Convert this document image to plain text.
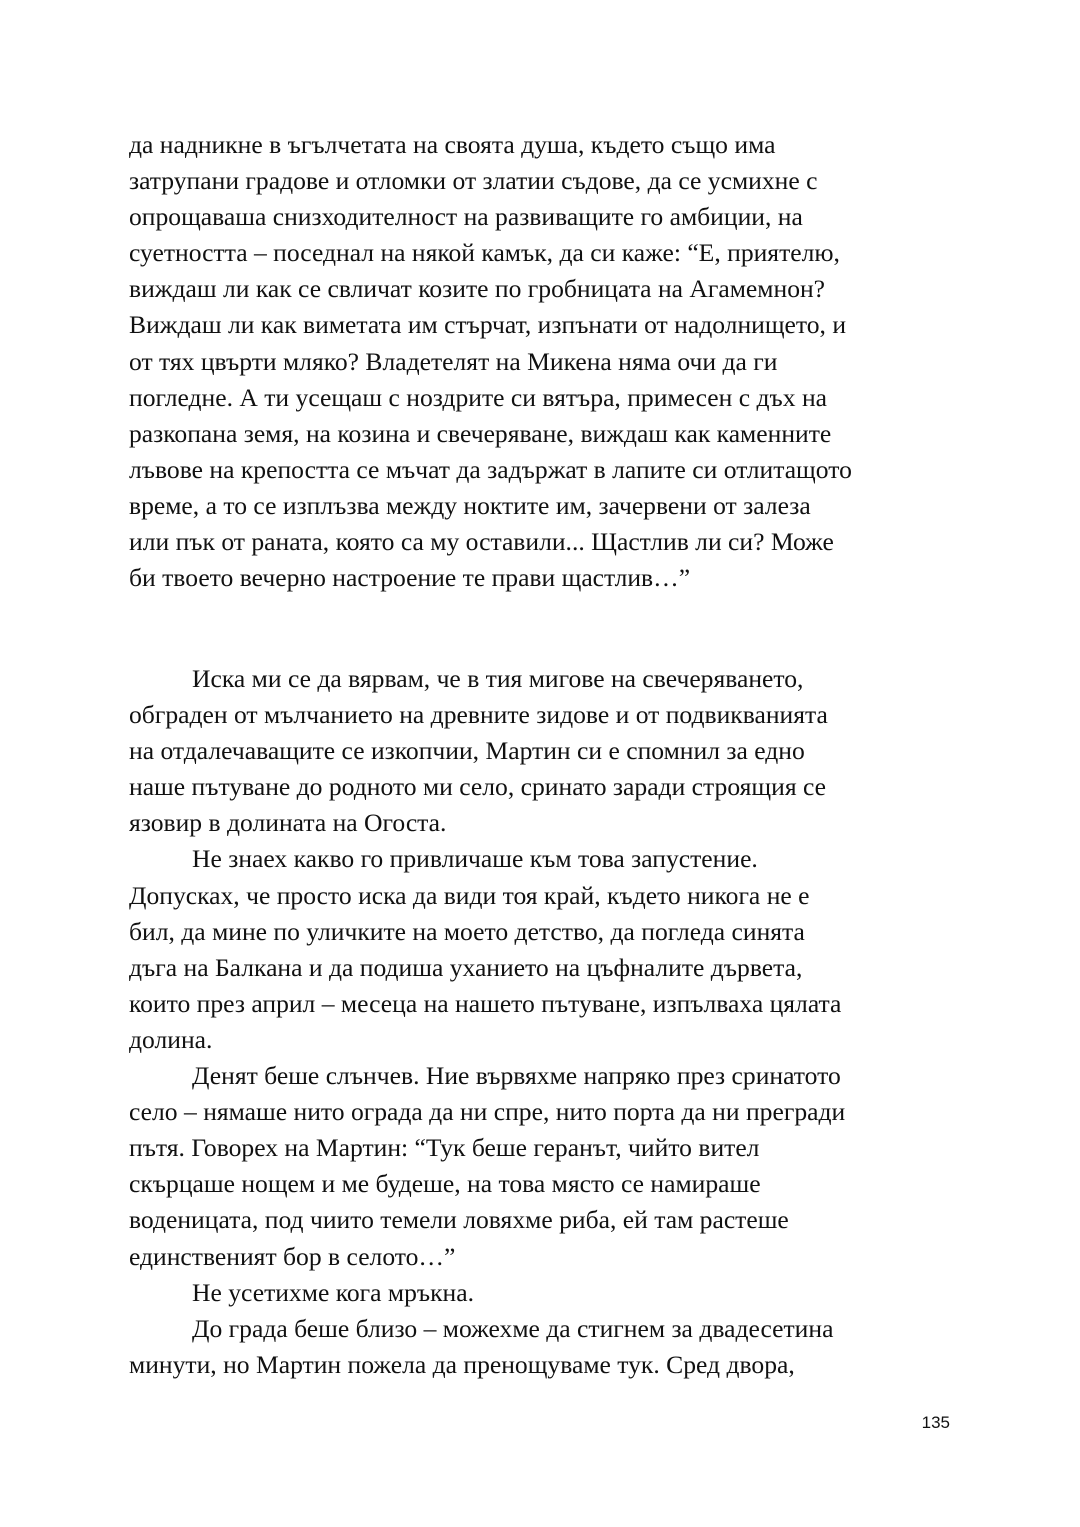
да надникне в ъгълчетата на своята душа, където също има
затрупани градове и отломки от златии съдове, да се усмихне с
опрощаваша снизходителност на развиващите го амбиции, на
суетността – поседнал на някой камък, да си каже: “Е, приятелю,
виждаш ли как се свличат козите по гробницата на Агамемнон?
Виждаш ли как виметата им стърчат, изпънати от надолнището, и
от тях цвърти мляко? Владетелят на Микена няма очи да ги
погледне. А ти усещаш с ноздрите си вятъра, примесен с дъх на
разкопана земя, на козина и свечеряване, виждаш как каменните
лъвове на крепостта се мъчат да задържат в лапите си отлитащото
време, а то се изплъзва между ноктите им, зачервени от залеза
или пък от раната, която са му оставили... Щастлив ли си? Може
би твоето вечерно настроение те прави щастлив…”
Иска ми се да вярвам, че в тия мигове на свечеряването,
обграден от мълчанието на древните зидове и от подвикванията
на отдалечаващите се изкопчии, Мартин си е спомнил за едно
наше пътуване до родното ми село, сринато заради строящия се
язовир в долината на Огоста.
Не знаех какво го привличаше към това запустение.
Допусках, че просто иска да види тоя край, където никога не е
бил, да мине по уличките на моето детство, да погледа синята
дъга на Балкана и да подиша уханието на цъфналите дървета,
които през април – месеца на нашето пътуване, изпълваха цялата
долина.
Денят беше слънчев. Ние вървяхме напряко през сринатото
село – нямаше нито ограда да ни спре, нито порта да ни прегради
пътя. Говорех на Мартин: “Тук беше геранът, чийто вител
скърцаше нощем и ме будеше, на това място се намираше
воденицата, под чиито темели ловяхме риба, ей там растеше
единственият бор в селото…”
Не усетихме кога мръкна.
До града беше близо – можехме да стигнем за двадесетина
минути, но Мартин пожела да пренощуваме тук. Сред двора,
135
